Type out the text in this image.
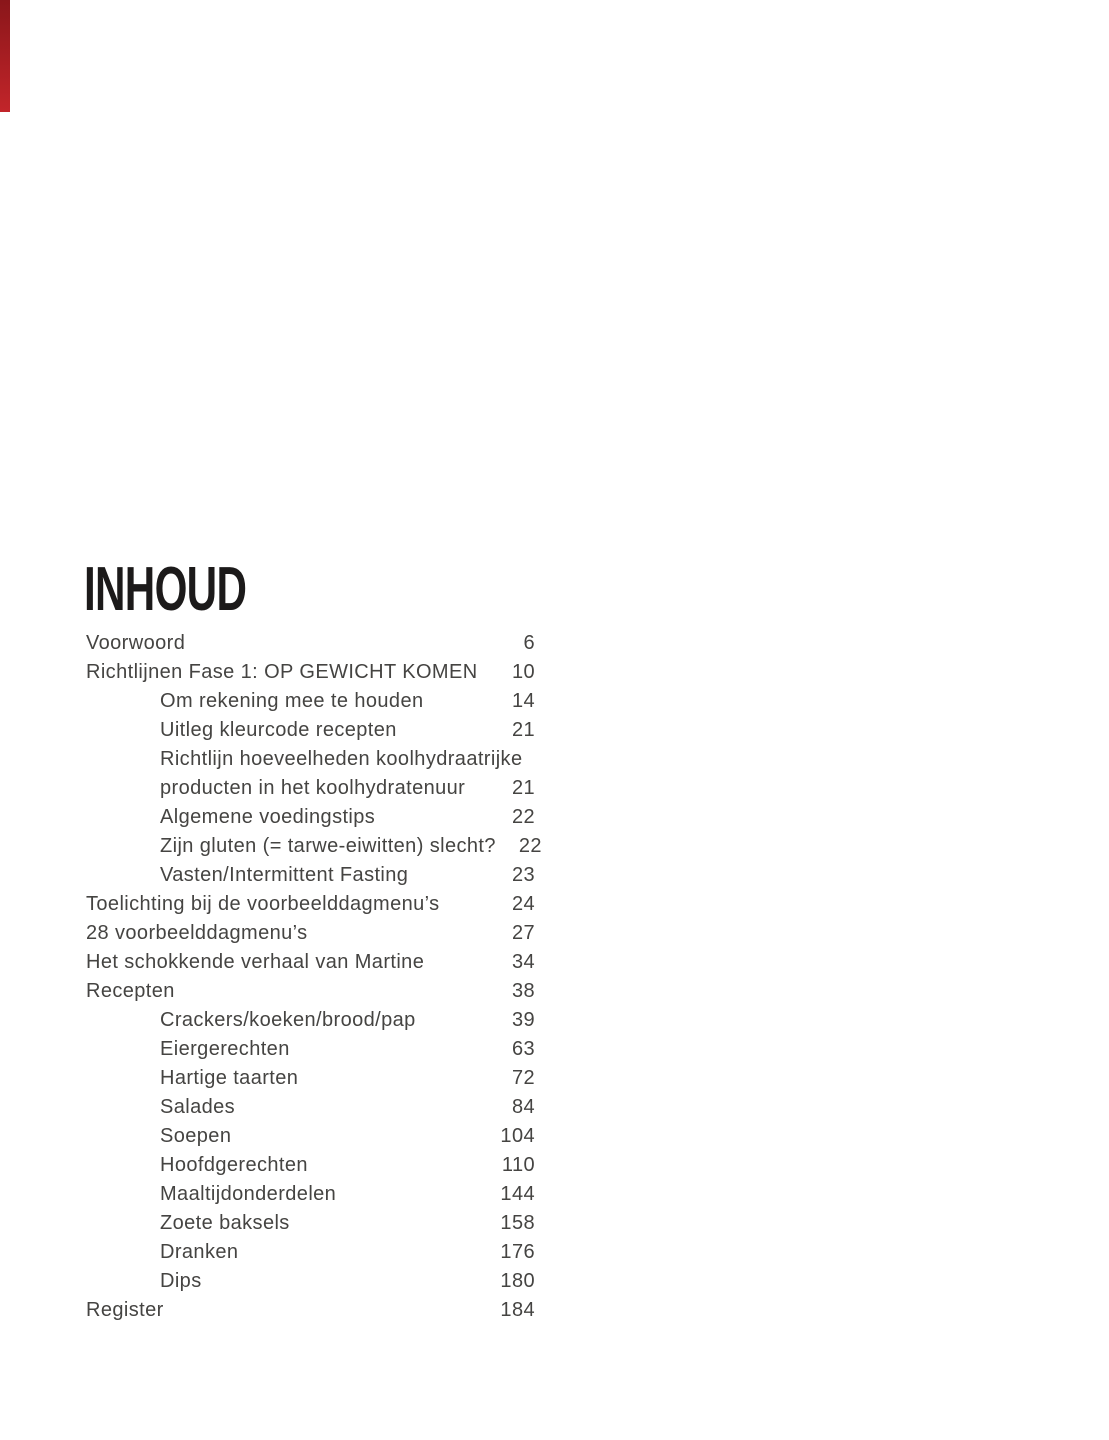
INHOUD
Voorwoord	6
Richtlijnen Fase 1: OP GEWICHT KOMEN	10
Om rekening mee te houden	14
Uitleg kleurcode recepten	21
Richtlijn hoeveelheden koolhydraatrijke
producten in het koolhydratenuur	21
Algemene voedingstips	22
Zijn gluten (= tarwe-eiwitten) slecht?	22
Vasten/Intermittent Fasting	23
Toelichting bij de voorbeelddagmenu’s	24
28 voorbeelddagmenu’s	27
Het schokkende verhaal van Martine	34
Recepten	38
Crackers/koeken/brood/pap	39
Eiergerechten	63
Hartige taarten	72
Salades	84
Soepen	104
Hoofdgerechten	110
Maaltijdonderdelen	144
Zoete baksels	158
Dranken	176
Dips	180
Register	184
